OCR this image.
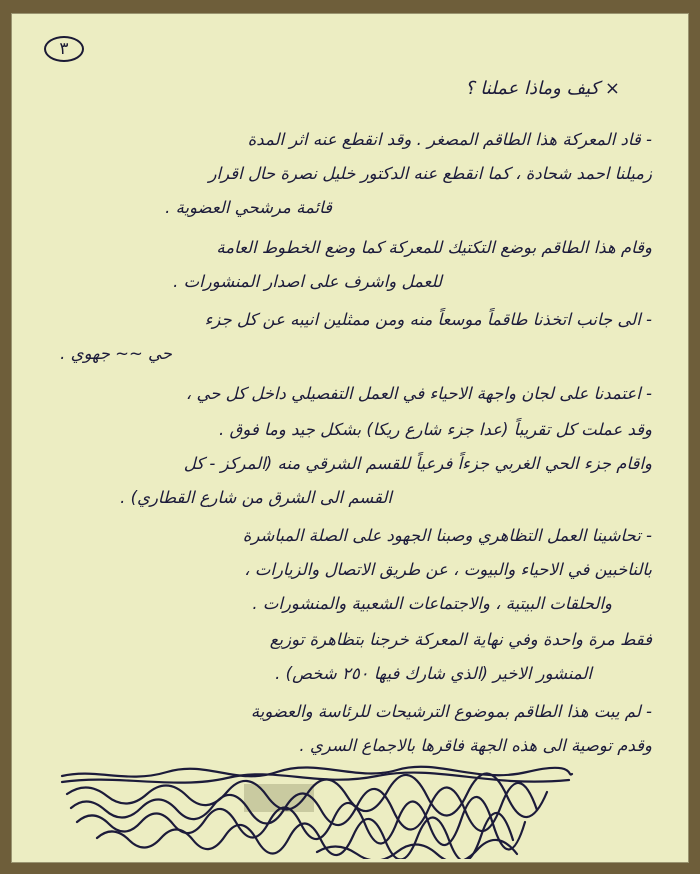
٣
× كيف وماذا عملنا ؟
- قاد المعركة هذا الطاقم المصغر . وقد انقطع عنه اثر المدة
زميلنا احمد شحادة ، كما انقطع عنه الدكتور خليل نصرة حال اقرار
قائمة مرشحي العضوية .
وقام هذا الطاقم بوضع التكتيك للمعركة كما وضع الخطوط العامة
للعمل واشرف على اصدار المنشورات .
- الى جانب اتخذنا طاقماً موسعاً منه ومن ممثلين انيبه عن كل جزء
حي ~~ جهوي .
- اعتمدنا على لجان واجهة الاحياء في العمل التفصيلي داخل كل حي ،
وقد عملت كل تقريباً (عدا جزء شارع ريكا) بشكل جيد وما فوق .
واقام جزء الحي الغربي جزءاً فرعياً للقسم الشرقي منه (المركز - كل
القسم الى الشرق من شارع القطاري) .
- تحاشينا العمل التظاهري وصبنا الجهود على الصلة المباشرة
بالناخبين في الاحياء والبيوت ، عن طريق الاتصال والزيارات ،
والحلقات البيتية ، والاجتماعات الشعبية والمنشورات .
فقط مرة واحدة وفي نهاية المعركة خرجنا بتظاهرة توزيع
المنشور الاخير (الذي شارك فيها ٢٥٠ شخص) .
- لم يبت هذا الطاقم بموضوع الترشيحات للرئاسة والعضوية
وقدم توصية الى هذه الجهة فاقرها بالاجماع السري .
